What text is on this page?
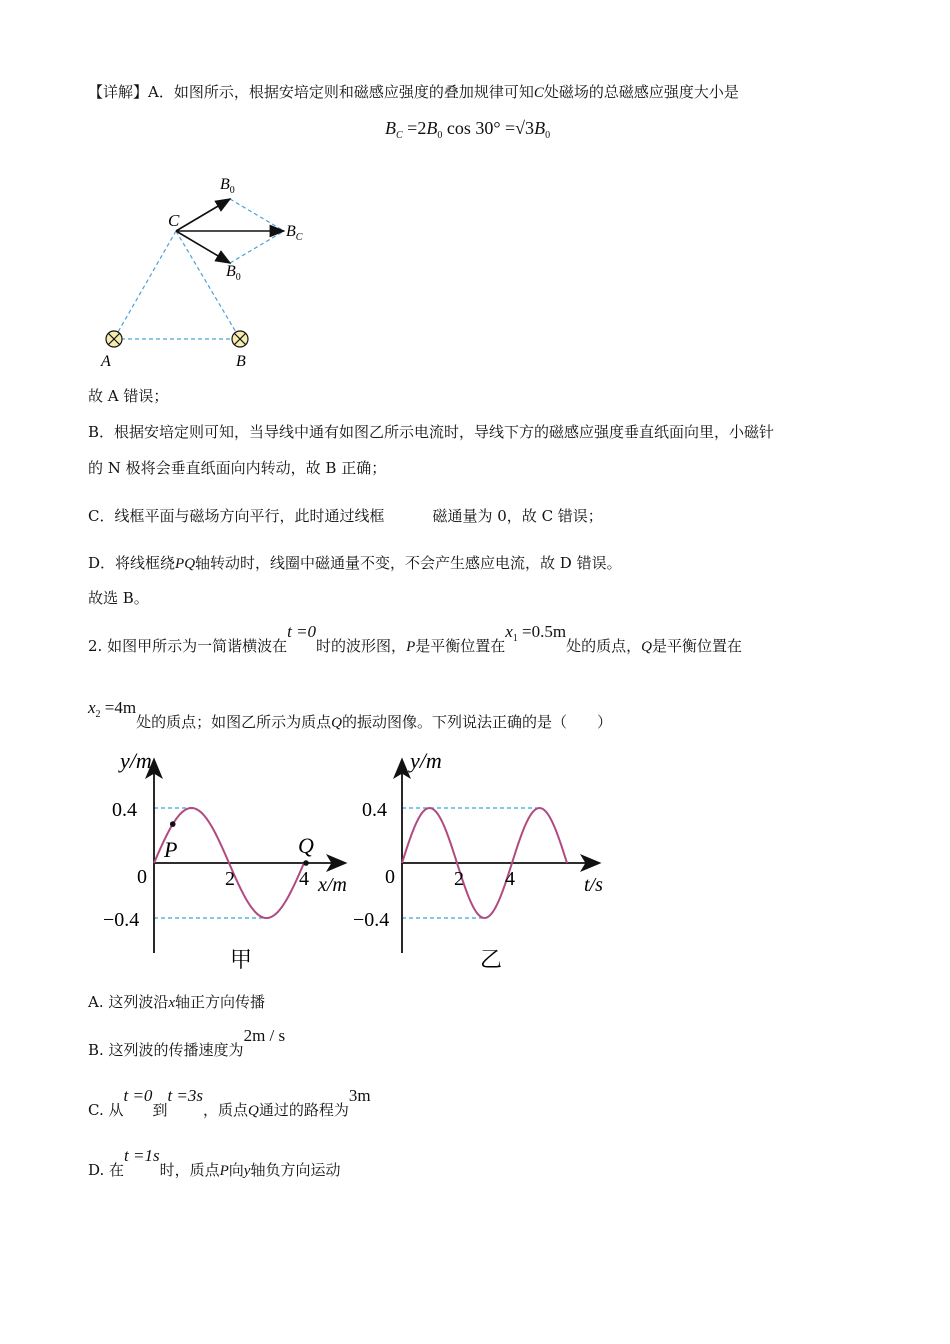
【详解】A．如图所示，根据安培定则和磁感应强度的叠加规律可知C处磁场的总磁感应强度大小是
$B_C =2B_0$ $\cos 30^\circ =√3B_0$
$B_0$
C
$B_C$
$B_0$
A	B
故 A 错误；
B．根据安培定则可知，当导线中通有如图乙所示电流时，导线下方的磁感应强度垂直纸面向里，小磁针
的 N 极将会垂直纸面向内转动，故 B 正确；
C．线框平面与磁场方向平行，此时通过线框	磁通量为 0，故 C 错误；
D．将线框绕PQ轴转动时，线圈中磁通量不变，不会产生感应电流，故 D 错误。
故选 B。
2. 如图甲所示为一简谐横波在t =0时的波形图，P是平衡位置在$x_1 =0.5m$处的质点，Q是平衡位置在
$x_2 =4m$处的质点；如图乙所示为质点Q的振动图像。下列说法正确的是（　　）
y/m
0.4
−0.4
0	2	4 x/m
P	Q
甲
y/m
0.4
−0.4
0	2 4	t/s
乙
A. 这列波沿x轴正方向传播
B. 这列波的传播速度为2m / s
C. 从t =0到t =3s，质点Q通过的路程为3m
D. 在t =1s时，质点P向y轴负方向运动
